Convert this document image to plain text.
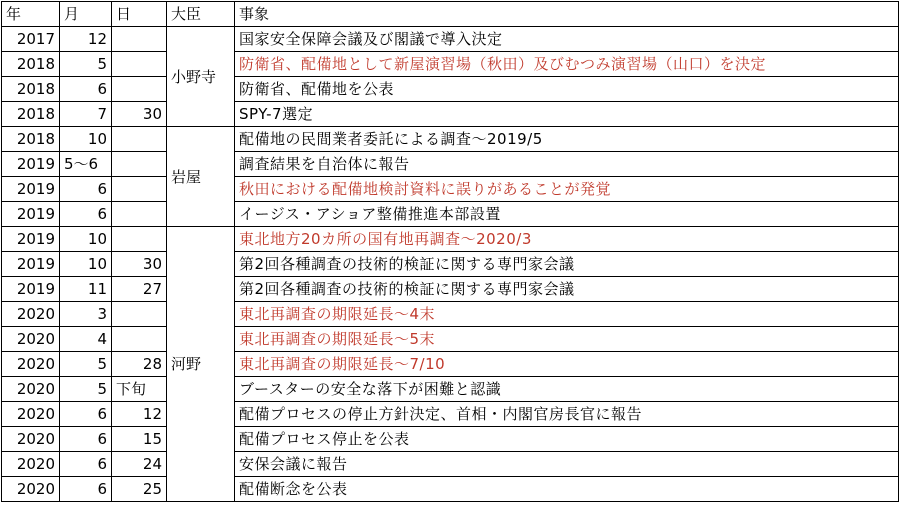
年	月	日	大臣	事象
2017	12		小野寺	国家安全保障会議及び閣議で導入決定
2018	5			防衛省、配備地として新屋演習場（秋田）及びむつみ演習場（山口）を決定
2018	6			防衛省、配備地を公表
2018	7	30		SPY-7選定
2018	10		岩屋	配備地の民間業者委託による調査～2019/5
2019	5～6			調査結果を自治体に報告
2019	6			秋田における配備地検討資料に誤りがあることが発覚
2019	6			イージス・アショア整備推進本部設置
2019	10		河野	東北地方20カ所の国有地再調査～2020/3
2019	10	30		第2回各種調査の技術的検証に関する専門家会議
2019	11	27		第2回各種調査の技術的検証に関する専門家会議
2020	3			東北再調査の期限延長～4末
2020	4			東北再調査の期限延長～5末
2020	5	28		東北再調査の期限延長～7/10
2020	5	下旬		ブースターの安全な落下が困難と認識
2020	6	12		配備プロセスの停止方針決定、首相・内閣官房長官に報告
2020	6	15		配備プロセス停止を公表
2020	6	24		安保会議に報告
2020	6	25		配備断念を公表
